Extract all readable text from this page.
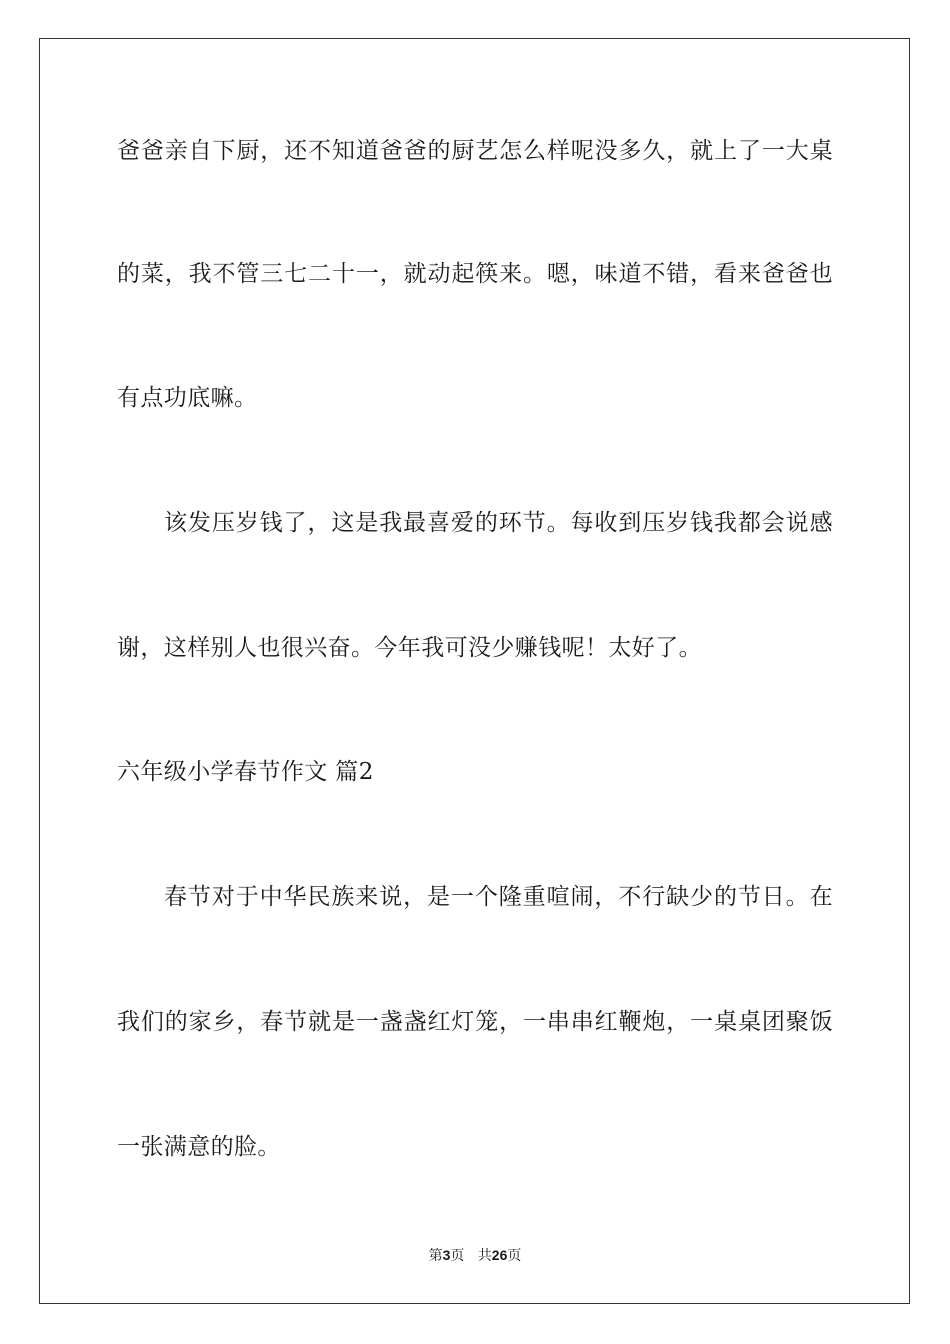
爸爸亲自下厨，还不知道爸爸的厨艺怎么样呢没多久，就上了一大桌
的菜，我不管三七二十一，就动起筷来。嗯，味道不错，看来爸爸也
有点功底嘛。
该发压岁钱了，这是我最喜爱的环节。每收到压岁钱我都会说感
谢，这样别人也很兴奋。今年我可没少赚钱呢！太好了。
六年级小学春节作文 篇2
春节对于中华民族来说，是一个隆重喧闹，不行缺少的节日。在
我们的家乡，春节就是一盏盏红灯笼，一串串红鞭炮，一桌桌团聚饭
一张满意的脸。
第3页 共26页
